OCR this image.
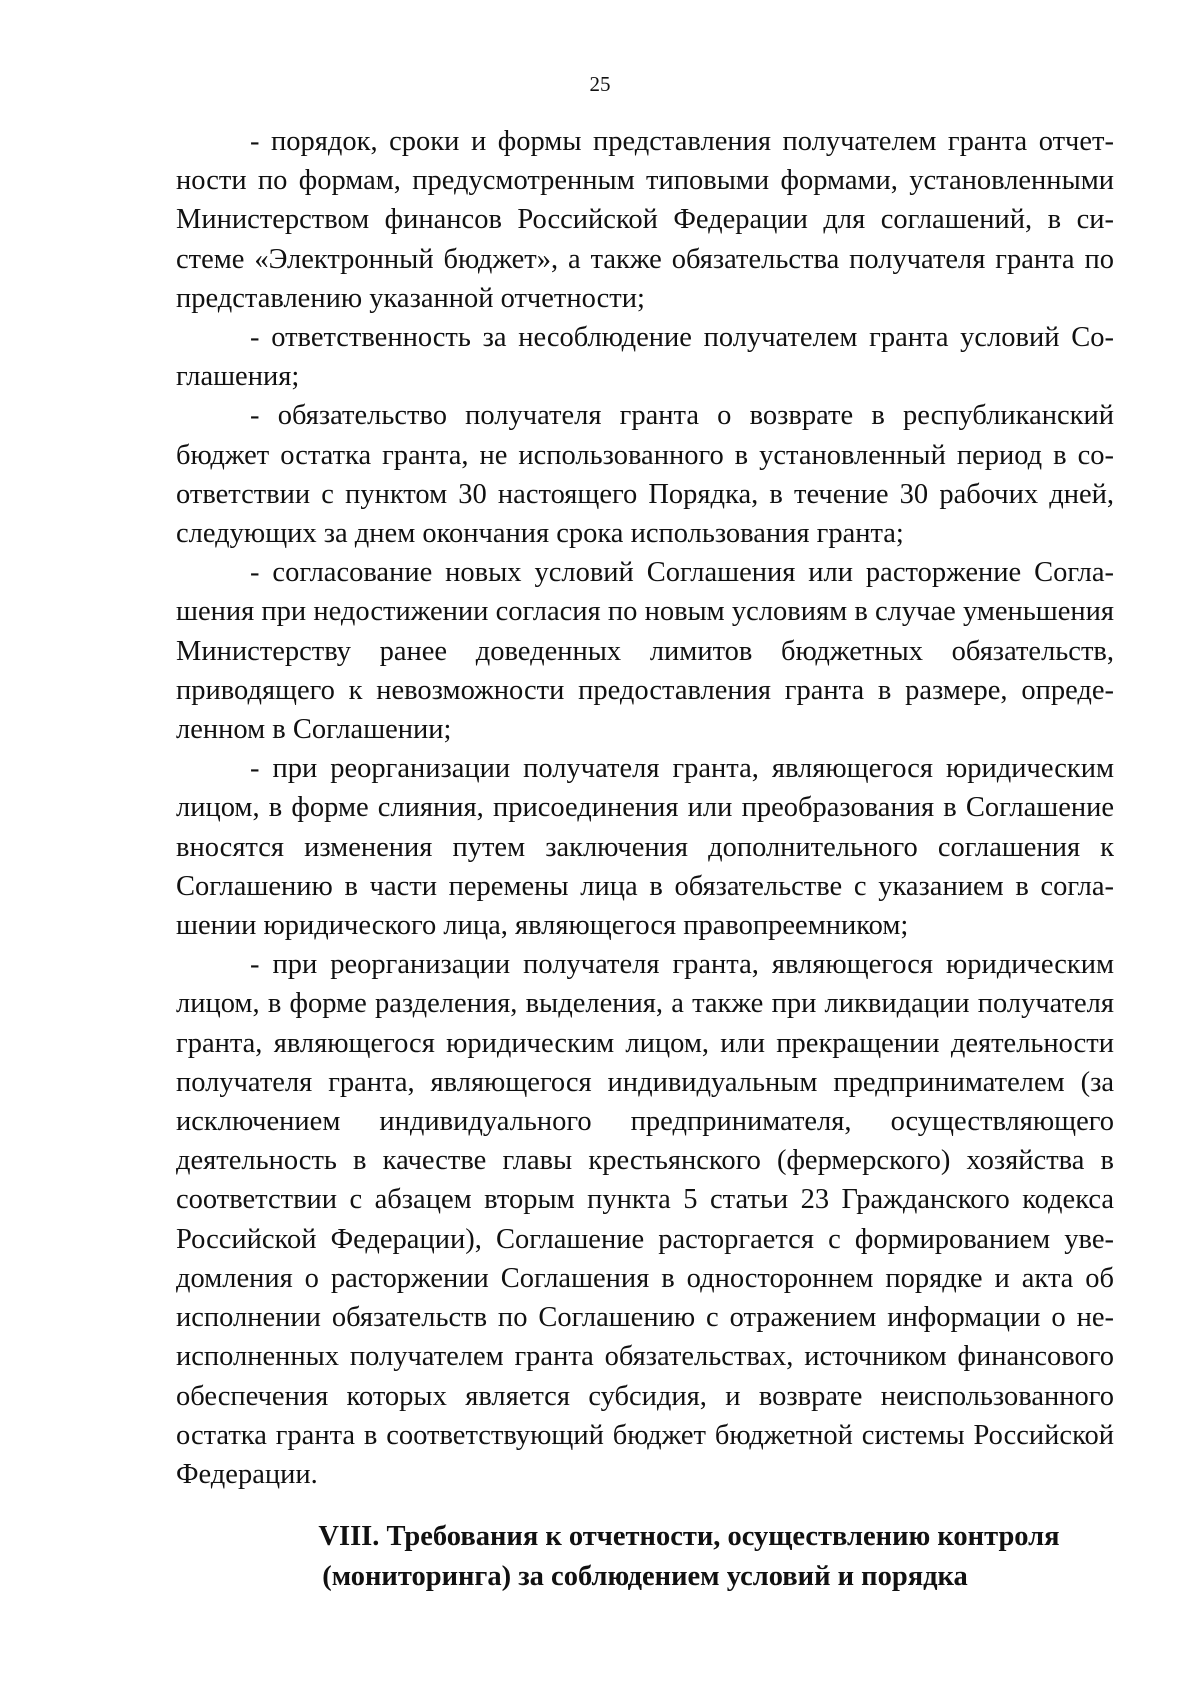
25

- порядок, сроки и формы представления получателем гранта отчетности по формам, предусмотренным типовыми формами, установленными Министерством финансов Российской Федерации для соглашений, в системе «Электронный бюджет», а также обязательства получателя гранта по представлению указанной отчетности;

- ответственность за несоблюдение получателем гранта условий Соглашения;

- обязательство получателя гранта о возврате в республиканский бюджет остатка гранта, не использованного в установленный период в соответствии с пунктом 30 настоящего Порядка, в течение 30 рабочих дней, следующих за днем окончания срока использования гранта;

- согласование новых условий Соглашения или расторжение Соглашения при недостижении согласия по новым условиям в случае уменьшения Министерству ранее доведенных лимитов бюджетных обязательств, приводящего к невозможности предоставления гранта в размере, определенном в Соглашении;

- при реорганизации получателя гранта, являющегося юридическим лицом, в форме слияния, присоединения или преобразования в Соглашение вносятся изменения путем заключения дополнительного соглашения к Соглашению в части перемены лица в обязательстве с указанием в соглашении юридического лица, являющегося правопреемником;

- при реорганизации получателя гранта, являющегося юридическим лицом, в форме разделения, выделения, а также при ликвидации получателя гранта, являющегося юридическим лицом, или прекращении деятельности получателя гранта, являющегося индивидуальным предпринимателем (за исключением индивидуального предпринимателя, осуществляющего деятельность в качестве главы крестьянского (фермерского) хозяйства в соответствии с абзацем вторым пункта 5 статьи 23 Гражданского кодекса Российской Федерации), Соглашение расторгается с формированием уведомления о расторжении Соглашения в одностороннем порядке и акта об исполнении обязательств по Соглашению с отражением информации о неисполненных получателем гранта обязательствах, источником финансового обеспечения которых является субсидия, и возврате неиспользованного остатка гранта в соответствующий бюджет бюджетной системы Российской Федерации.

VIII. Требования к отчетности, осуществлению контроля
(мониторинга) за соблюдением условий и порядка
